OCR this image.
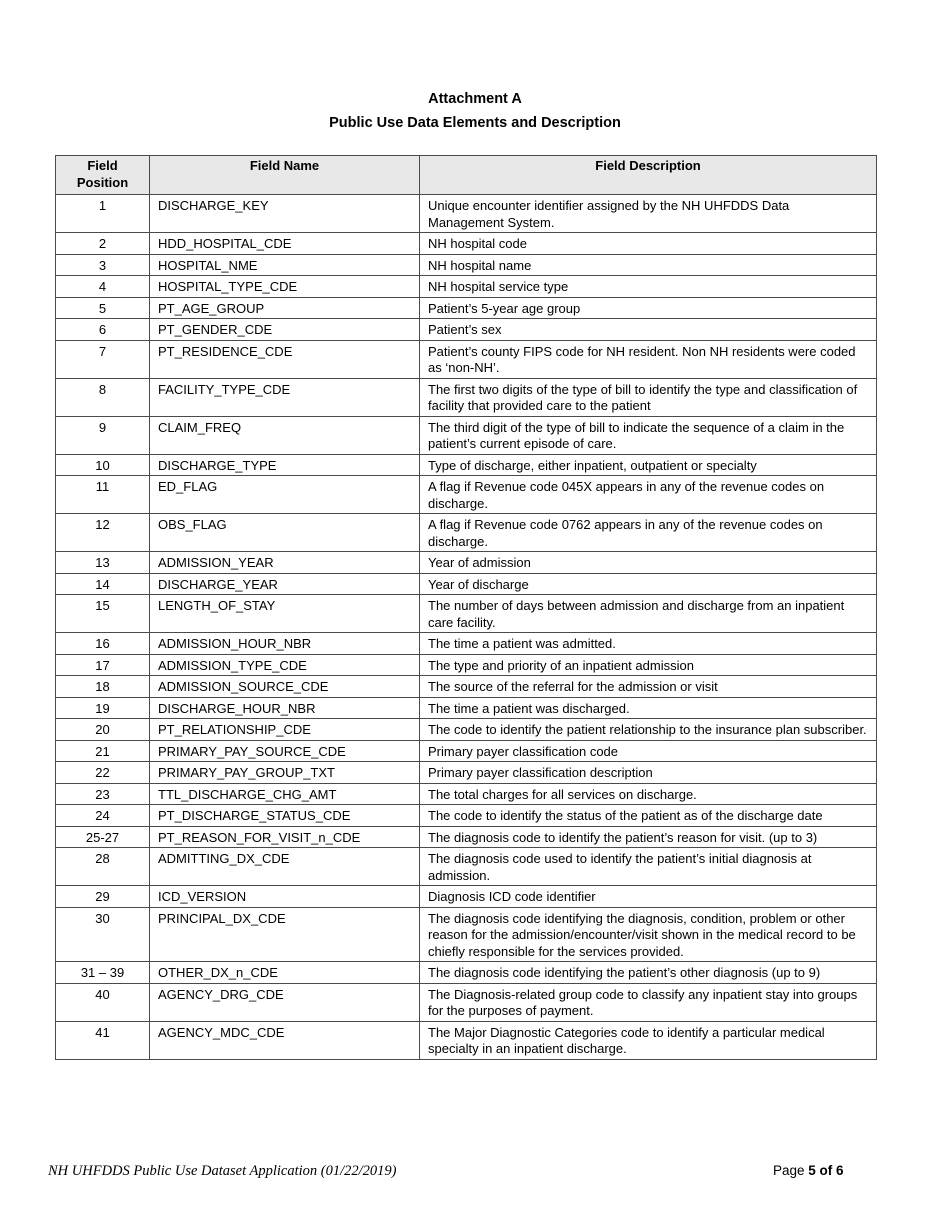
Attachment A
Public Use Data Elements and Description
Field Position	Field Name	Field Description
1	DISCHARGE_KEY	Unique encounter identifier assigned by the NH UHFDDS Data Management System.
2	HDD_HOSPITAL_CDE	NH hospital code
3	HOSPITAL_NME	NH hospital name
4	HOSPITAL_TYPE_CDE	NH hospital service type
5	PT_AGE_GROUP	Patient’s 5-year age group
6	PT_GENDER_CDE	Patient’s sex
7	PT_RESIDENCE_CDE	Patient’s county FIPS code for NH resident. Non NH residents were coded as ‘non-NH’.
8	FACILITY_TYPE_CDE	The first two digits of the type of bill to identify the type and classification of facility that provided care to the patient
9	CLAIM_FREQ	The third digit of the type of bill to indicate the sequence of a claim in the patient’s current episode of care.
10	DISCHARGE_TYPE	Type of discharge, either inpatient, outpatient or specialty
11	ED_FLAG	A flag if Revenue code 045X appears in any of the revenue codes on discharge.
12	OBS_FLAG	A flag if Revenue code 0762 appears in any of the revenue codes on discharge.
13	ADMISSION_YEAR	Year of admission
14	DISCHARGE_YEAR	Year of discharge
15	LENGTH_OF_STAY	The number of days between admission and discharge from an inpatient care facility.
16	ADMISSION_HOUR_NBR	The time a patient was admitted.
17	ADMISSION_TYPE_CDE	The type and priority of an inpatient admission
18	ADMISSION_SOURCE_CDE	The source of the referral for the admission or visit
19	DISCHARGE_HOUR_NBR	The time a patient was discharged.
20	PT_RELATIONSHIP_CDE	The code to identify the patient relationship to the insurance plan subscriber.
21	PRIMARY_PAY_SOURCE_CDE	Primary payer classification code
22	PRIMARY_PAY_GROUP_TXT	Primary payer classification description
23	TTL_DISCHARGE_CHG_AMT	The total charges for all services on discharge.
24	PT_DISCHARGE_STATUS_CDE	The code to identify the status of the patient as of the discharge date
25-27	PT_REASON_FOR_VISIT_n_CDE	The diagnosis code to identify the patient’s reason for visit. (up to 3)
28	ADMITTING_DX_CDE	The diagnosis code used to identify the patient’s initial diagnosis at admission.
29	ICD_VERSION	Diagnosis ICD code identifier
30	PRINCIPAL_DX_CDE	The diagnosis code identifying the diagnosis, condition, problem or other reason for the admission/encounter/visit shown in the medical record to be chiefly responsible for the services provided.
31 – 39	OTHER_DX_n_CDE	The diagnosis code identifying the patient’s other diagnosis (up to 9)
40	AGENCY_DRG_CDE	The Diagnosis-related group code to classify any inpatient stay into groups for the purposes of payment.
41	AGENCY_MDC_CDE	The Major Diagnostic Categories code to identify a particular medical specialty in an inpatient discharge.
NH UHFDDS Public Use Dataset Application (01/22/2019)	Page 5 of 6
